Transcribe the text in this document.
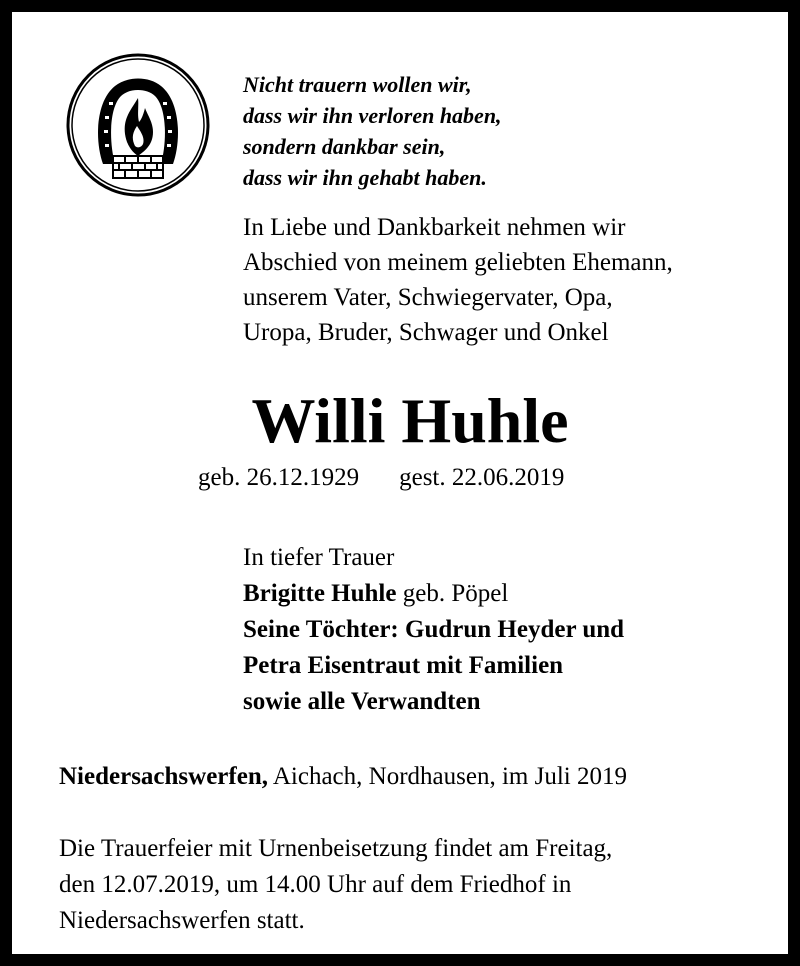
Nicht trauern wollen wir,
dass wir ihn verloren haben,
sondern dankbar sein,
dass wir ihn gehabt haben.
In Liebe und Dankbarkeit nehmen wir
Abschied von meinem geliebten Ehemann,
unserem Vater, Schwiegervater, Opa,
Uropa, Bruder, Schwager und Onkel
Willi Huhle
geb. 26.12.1929 gest. 22.06.2019
In tiefer Trauer
Brigitte Huhle geb. Pöpel
Seine Töchter: Gudrun Heyder und
Petra Eisentraut mit Familien
sowie alle Verwandten
Niedersachswerfen, Aichach, Nordhausen, im Juli 2019
Die Trauerfeier mit Urnenbeisetzung findet am Freitag,
den 12.07.2019, um 14.00 Uhr auf dem Friedhof in
Niedersachswerfen statt.
